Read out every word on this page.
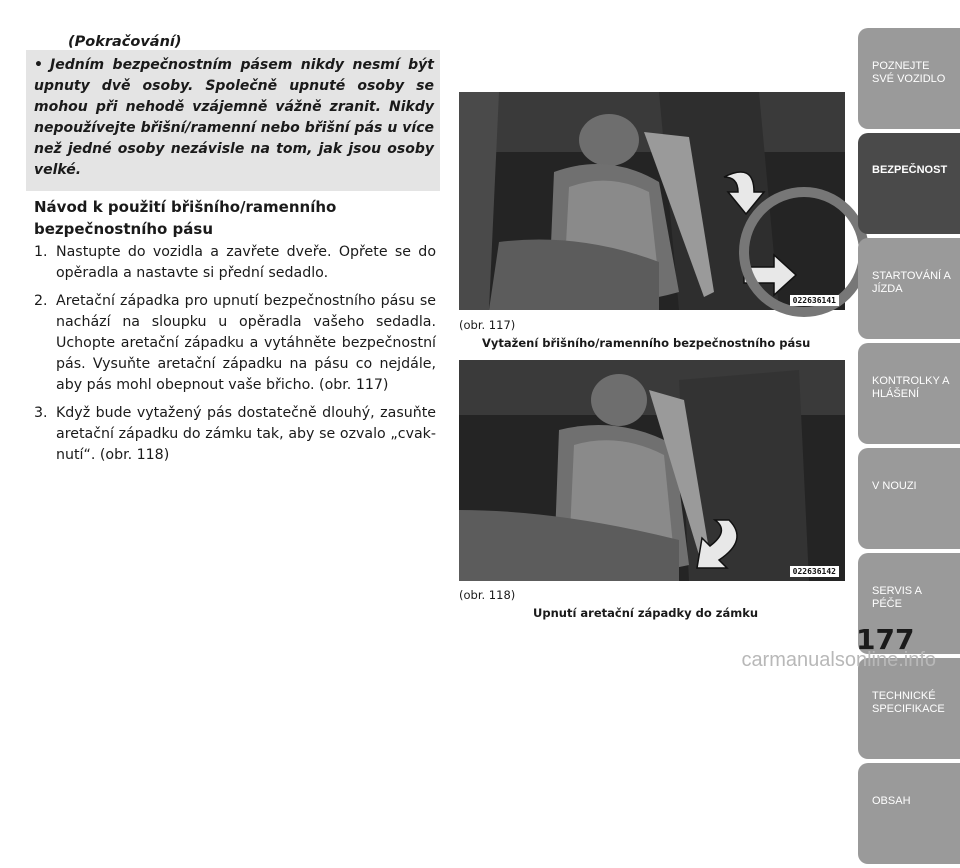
(Pokračování)
• Jedním bezpečnostním pásem nikdy nesmí být upnuty dvě osoby. Společně upnuté osoby se mohou při nehodě vzájemně vážně zranit. Nikdy nepoužívejte břišní/ramenní nebo břišní pás u více než jedné osoby nezávisle na tom, jak jsou osoby velké.
Návod k použití břišního/ramenního bezpečnostního pásu
1. Nastupte do vozidla a zavřete dveře. Opřete se do opěradla a nastavte si přední sedadlo.
2. Aretační západka pro upnutí bezpečnostního pásu se nachází na sloupku u opěradla vašeho sedadla. Uchopte aretační západku a vytáhněte bezpečnostní pás. Vysuňte aretační západku na pásu co nejdále, aby pás mohl obepnout vaše břicho. (obr. 117)
3. Když bude vytažený pás dostatečně dlouhý, zasuňte aretační západku do zámku tak, aby se ozvalo „cvak-nutí“. (obr. 118)
022636141
(obr. 117)
Vytažení břišního/ramenního bezpečnostního pásu
022636142
(obr. 118)
Upnutí aretační západky do zámku
POZNEJTE SVÉ VOZIDLO
BEZPEČNOST
STARTOVÁNÍ A JÍZDA
KONTROLKY A HLÁŠENÍ
V NOUZI
SERVIS A PÉČE
TECHNICKÉ SPECIFIKACE
OBSAH
177
carmanualsonline.info
